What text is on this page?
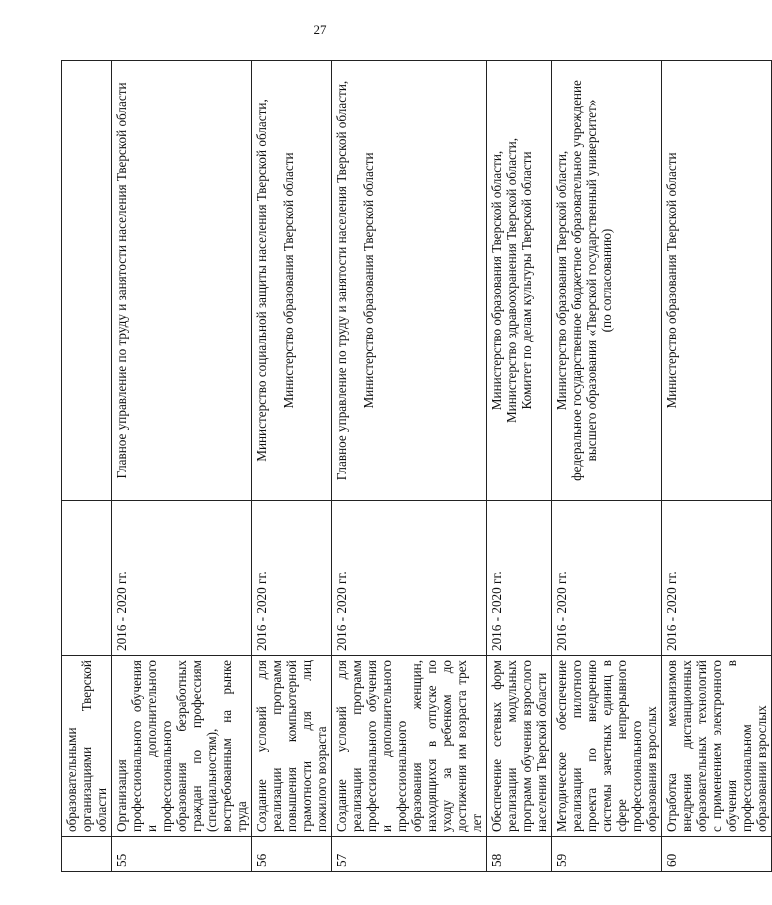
27
	образовательными организациями Тверской области		
55	Организация профессионального обучения и дополнительного профессионального образования безработных граждан по профессиям (специальностям), востребованным на рынке труда	2016 - 2020 гг.	Главное управление по труду и занятости населения Тверской области

56	Создание условий для реализации программ повышения компьютерной грамотности для лиц пожилого возраста	2016 - 2020 гг.	Министерство социальной защиты населения Тверской области, Министерство образования Тверской области

57	Создание условий для реализации программ профессионального обучения и дополнительного профессионального образования женщин, находящихся в отпуске по уходу за ребенком до достижения им возраста трех лет	2016 - 2020 гг.	Главное управление по труду и занятости населения Тверской области, Министерство образования Тверской области

58	Обеспечение сетевых форм реализации модульных программ обучения взрослого населения Тверской области	2016 - 2020 гг.	Министерство образования Тверской области, Министерство здравоохранения Тверской области, Комитет по делам культуры Тверской области

59	Методическое обеспечение реализации пилотного проекта по внедрению системы зачетных единиц в сфере непрерывного профессионального образования взрослых	2016 - 2020 гг.	Министерство образования Тверской области, федеральное государственное бюджетное образовательное учреждение высшего образования «Тверской государственный университет» (по согласованию)

60	Отработка механизмов внедрения дистанционных образовательных технологий с применением электронного обучения в профессиональном образовании взрослых	2016 - 2020 гг.	Министерство образования Тверской области
